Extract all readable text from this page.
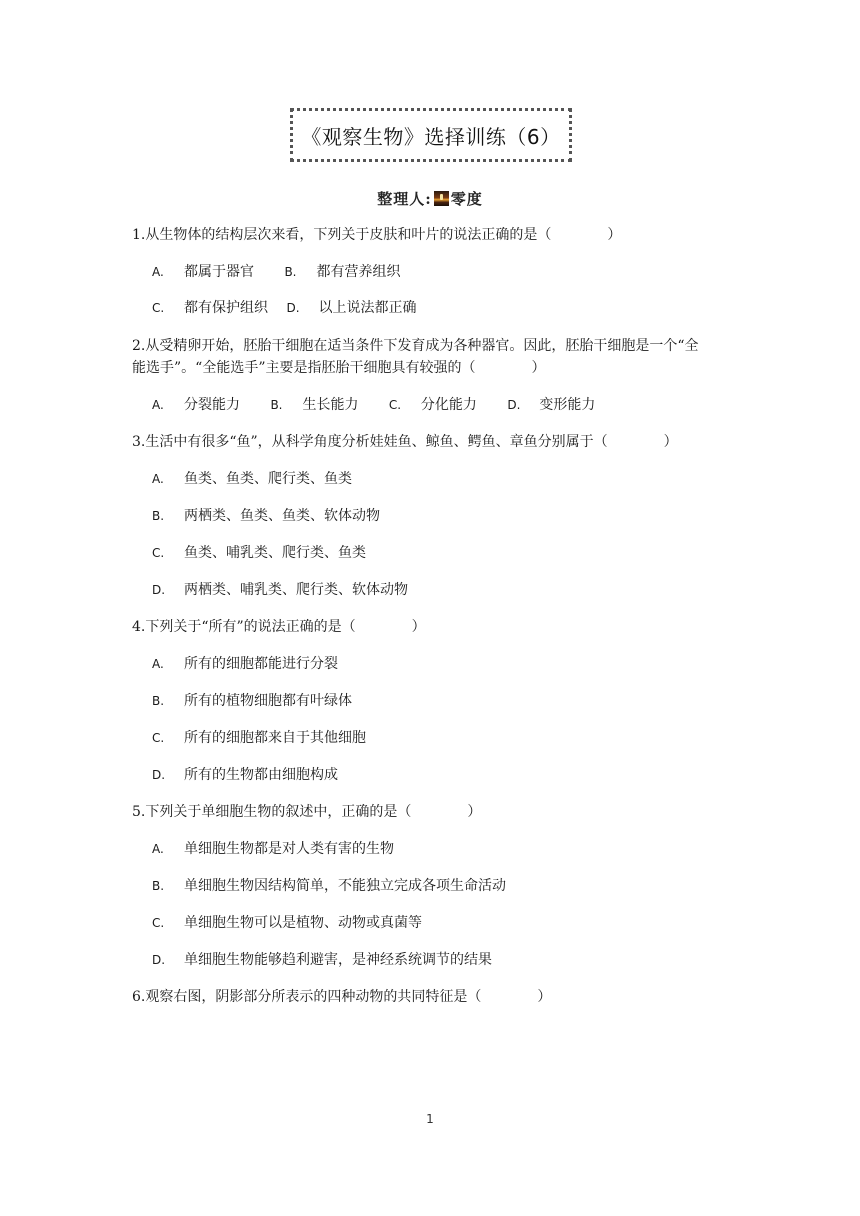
《观察生物》选择训练（6）
整理人: 零度
1.从生物体的结构层次来看，下列关于皮肤和叶片的说法正确的是（　　　　）
A. 都属于器官	B. 都有营养组织
C. 都有保护组织 D. 以上说法都正确
2.从受精卵开始，胚胎干细胞在适当条件下发育成为各种器官。因此，胚胎干细胞是一个“全
能选手”。“全能选手”主要是指胚胎干细胞具有较强的（　　　　）
A. 分裂能力	B. 生长能力	C. 分化能力	D. 变形能力
3.生活中有很多“鱼”，从科学角度分析娃娃鱼、鲸鱼、鳄鱼、章鱼分别属于（　　　　）
A. 鱼类、鱼类、爬行类、鱼类
B. 两栖类、鱼类、鱼类、软体动物
C. 鱼类、哺乳类、爬行类、鱼类
D. 两栖类、哺乳类、爬行类、软体动物
4.下列关于“所有”的说法正确的是（　　　　）
A. 所有的细胞都能进行分裂
B. 所有的植物细胞都有叶绿体
C. 所有的细胞都来自于其他细胞
D. 所有的生物都由细胞构成
5.下列关于单细胞生物的叙述中，正确的是（　　　　）
A. 单细胞生物都是对人类有害的生物
B. 单细胞生物因结构简单，不能独立完成各项生命活动
C. 单细胞生物可以是植物、动物或真菌等
D. 单细胞生物能够趋利避害，是神经系统调节的结果
6.观察右图，阴影部分所表示的四种动物的共同特征是（　　　　）
1
